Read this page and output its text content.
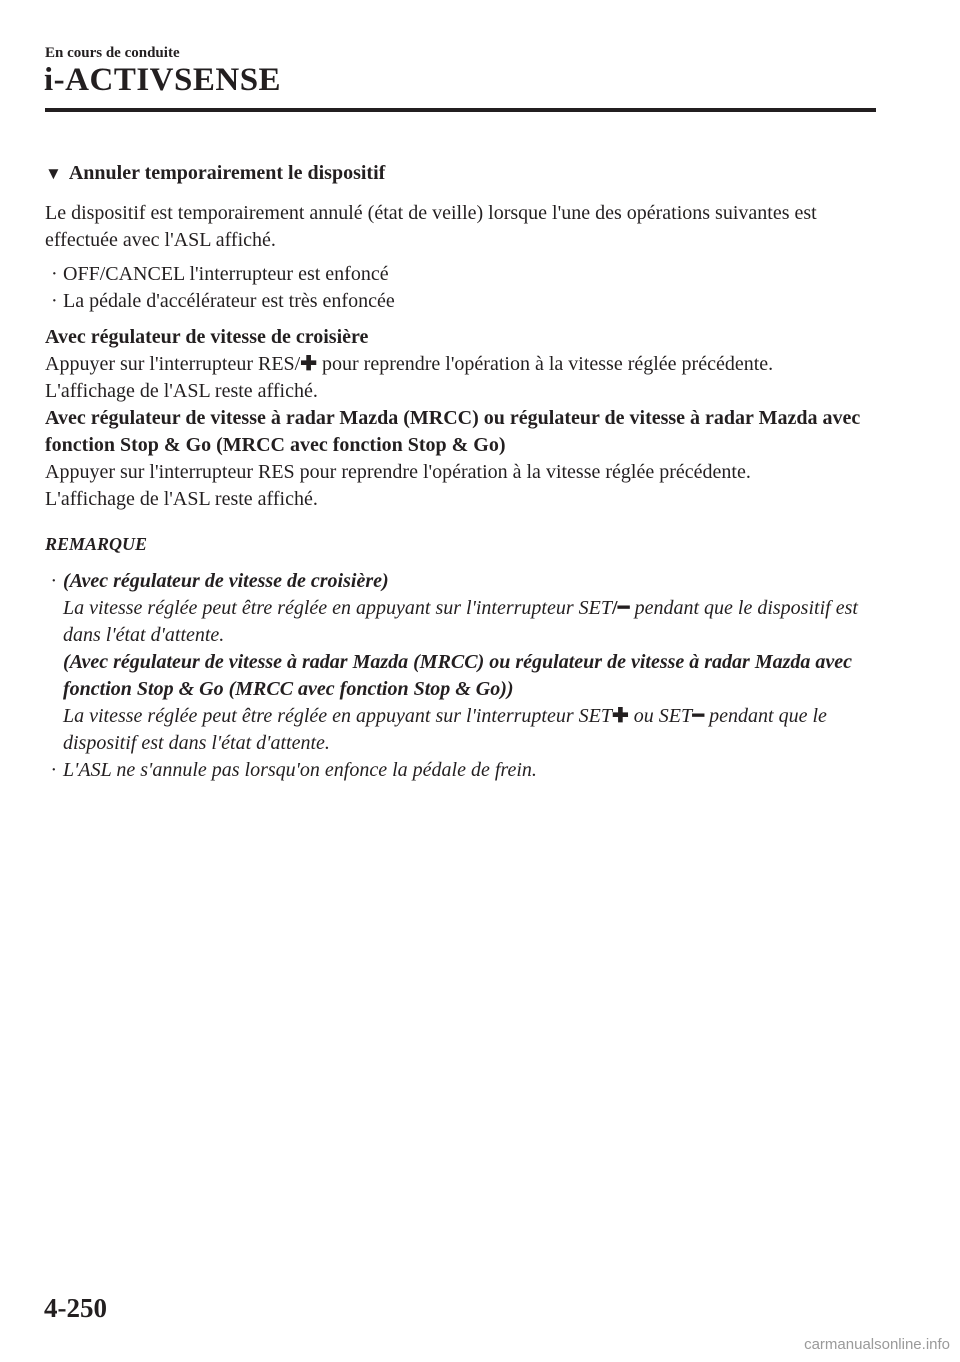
En cours de conduite
i-ACTIVSENSE
▼ Annuler temporairement le dispositif

Le dispositif est temporairement annulé (état de veille) lorsque l'une des opérations suivantes est effectuée avec l'ASL affiché.

· OFF/CANCEL l'interrupteur est enfoncé
· La pédale d'accélérateur est très enfoncée

Avec régulateur de vitesse de croisière

Appuyer sur l'interrupteur RES/✚ pour reprendre l'opération à la vitesse réglée précédente.

L'affichage de l'ASL reste affiché.

Avec régulateur de vitesse à radar Mazda (MRCC) ou régulateur de vitesse à radar Mazda avec fonction Stop & Go (MRCC avec fonction Stop & Go)

Appuyer sur l'interrupteur RES pour reprendre l'opération à la vitesse réglée précédente.

L'affichage de l'ASL reste affiché.

REMARQUE
· (Avec régulateur de vitesse de croisière)
La vitesse réglée peut être réglée en appuyant sur l'interrupteur SET/━ pendant que le dispositif est dans l'état d'attente.
(Avec régulateur de vitesse à radar Mazda (MRCC) ou régulateur de vitesse à radar Mazda avec fonction Stop & Go (MRCC avec fonction Stop & Go))
La vitesse réglée peut être réglée en appuyant sur l'interrupteur SET✚ ou SET━ pendant que le dispositif est dans l'état d'attente.
· L'ASL ne s'annule pas lorsqu'on enfonce la pédale de frein.
4-250
carmanualsonline.info
